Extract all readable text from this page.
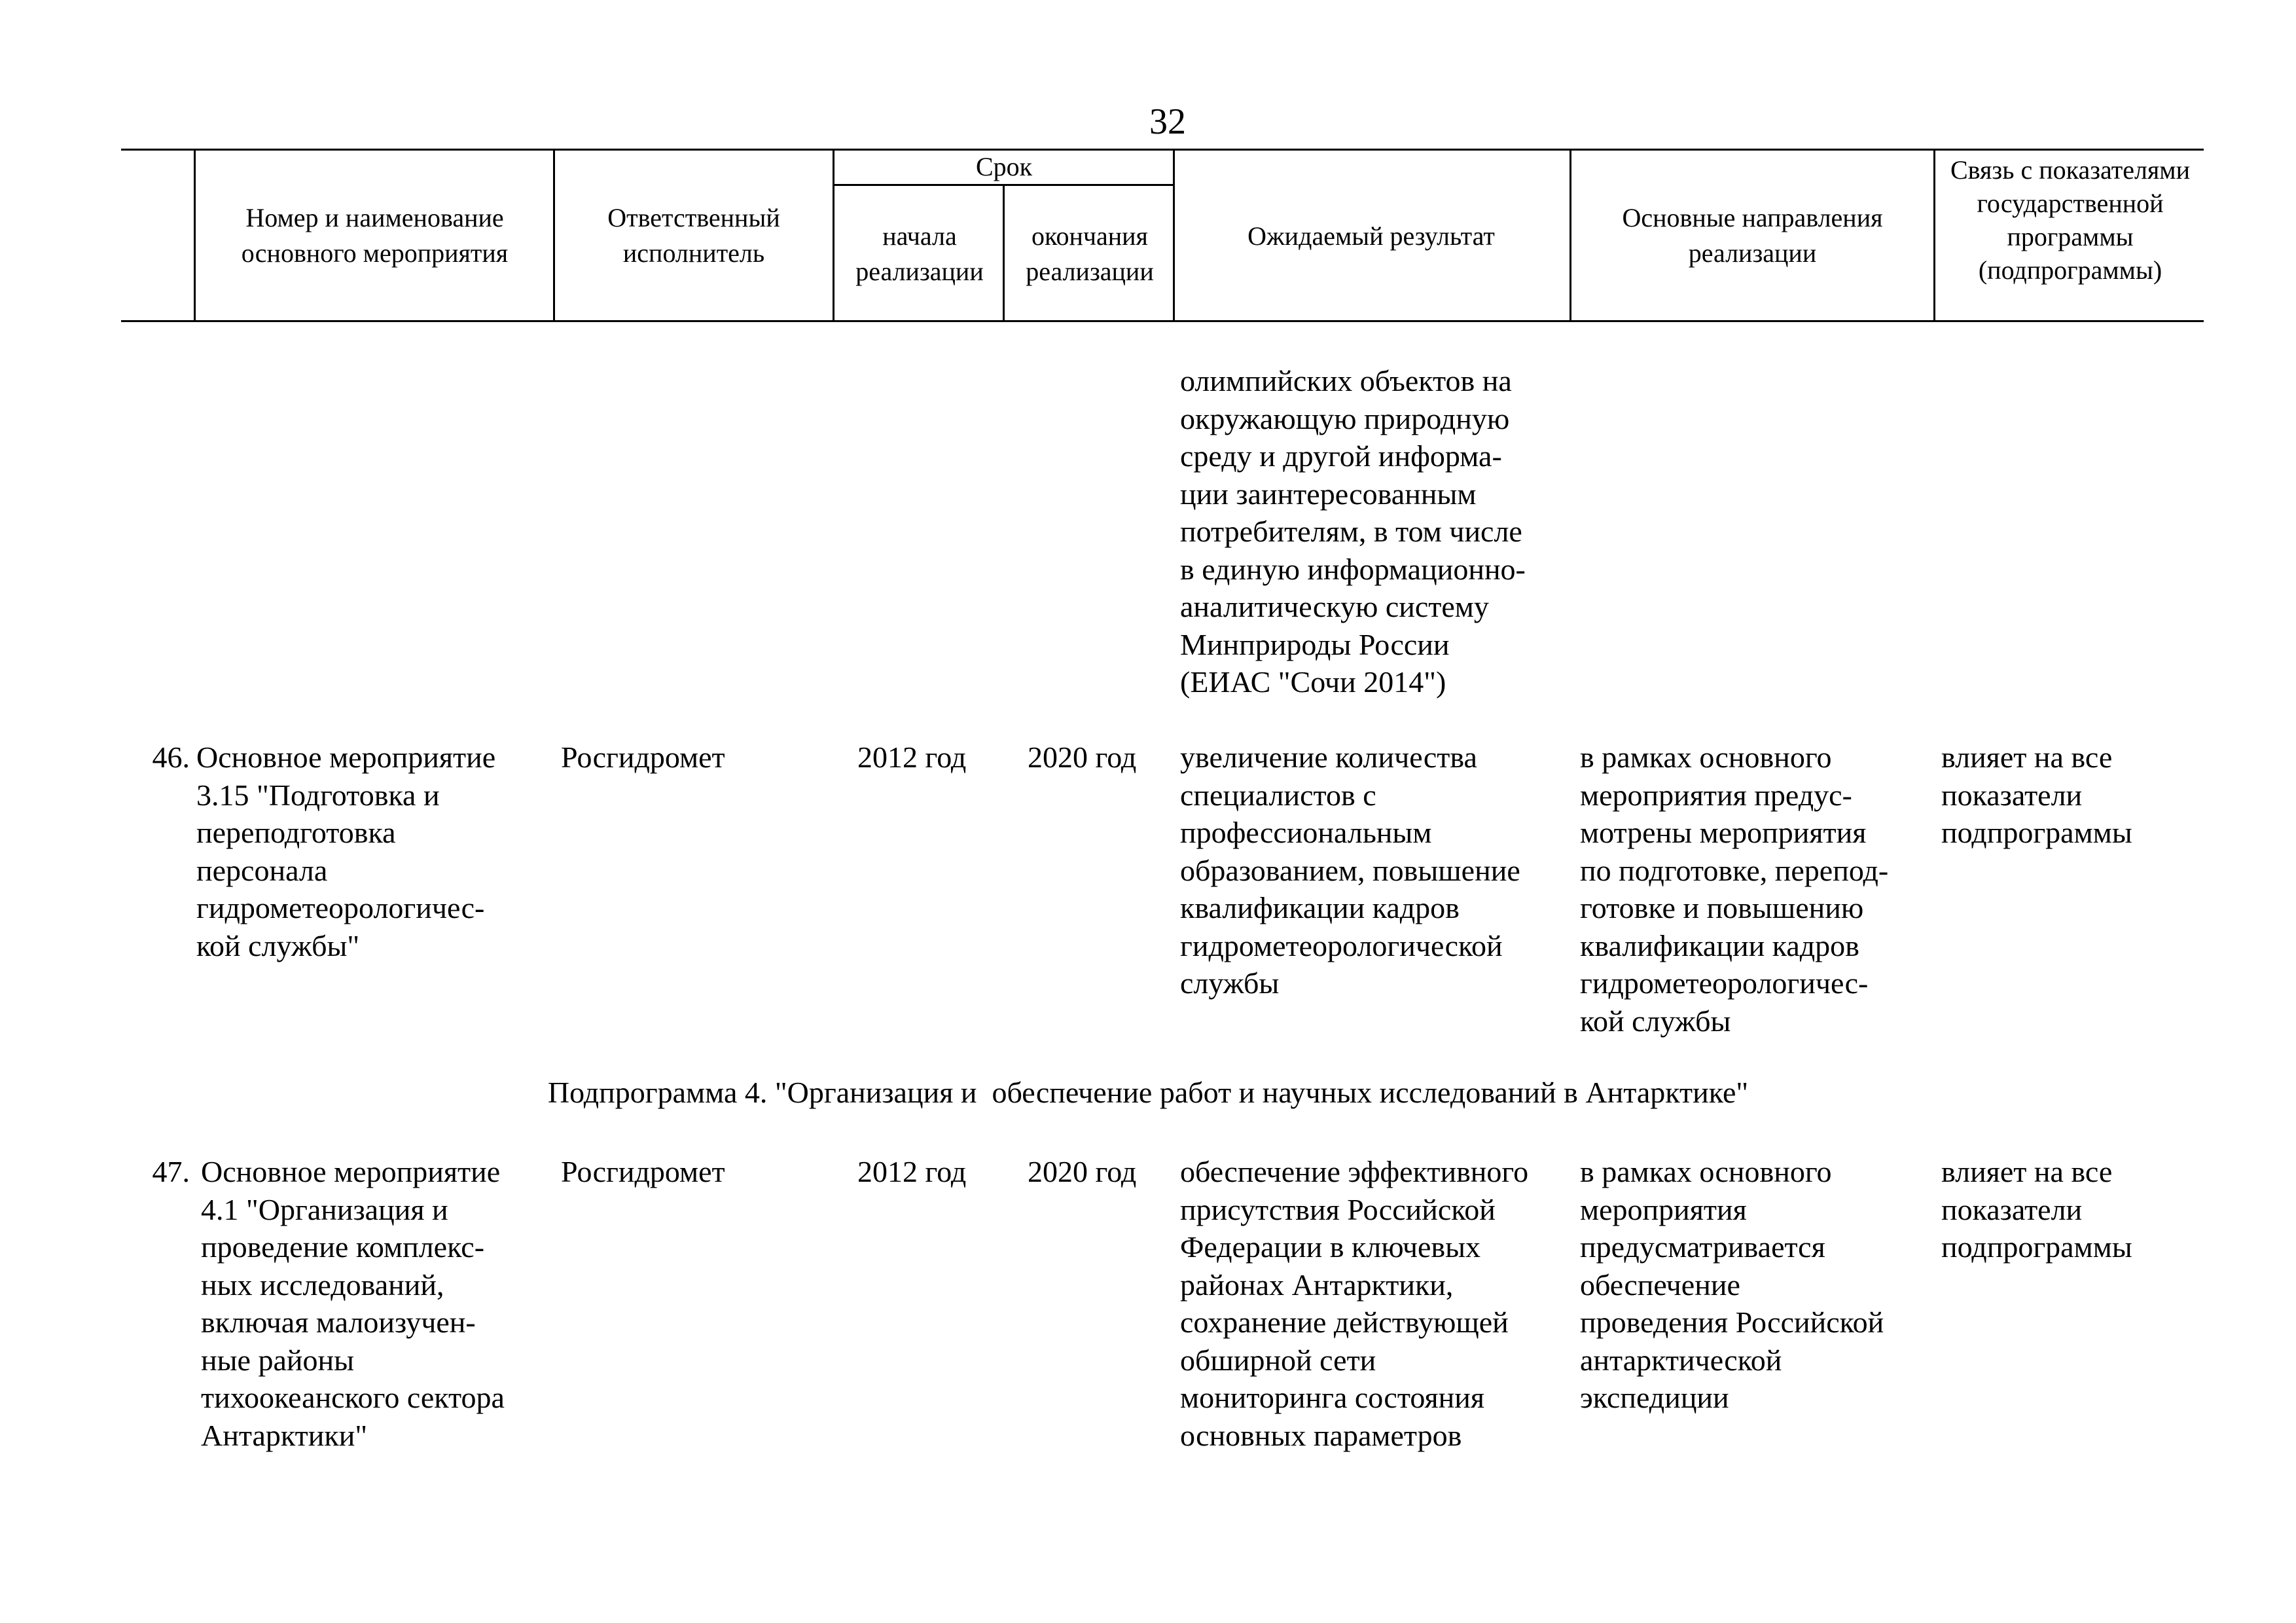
32
Номер и наименование основного мероприятия
Ответственный исполнитель
Срок
начала реализации
окончания реализации
Ожидаемый результат
Основные направления реализации
Связь с показателями государственной программы (подпрограммы)
олимпийских объектов на
окружающую природную
среду и другой информа-
ции заинтересованным
потребителям, в том числе
в единую информационно-
аналитическую систему
Минприроды России
(ЕИАС "Сочи 2014")
46. Основное мероприятие
3.15 "Подготовка и
переподготовка
персонала
гидрометеорологичес-
кой службы"
Росгидромет	2012 год 2020 год увеличение количества
специалистов с
профессиональным
образованием, повышение
квалификации кадров
гидрометеорологической
службы
в рамках основного
мероприятия предус-
мотрены мероприятия
по подготовке, перепод-
готовке и повышению
квалификации кадров
гидрометеорологичес-
кой службы
влияет на все
показатели
подпрограммы
Подпрограмма 4. "Организация и  обеспечение работ и научных исследований в Антарктике"
47. Основное мероприятие
4.1 "Организация и
проведение комплекс-
ных исследований,
включая малоизучен-
ные районы
тихоокеанского сектора
Антарктики"
Росгидромет	2012 год 2020 год обеспечение эффективного
присутствия Российской
Федерации в ключевых
районах Антарктики,
сохранение действующей
обширной сети
мониторинга состояния
основных параметров
в рамках основного
мероприятия
предусматривается
обеспечение
проведения Российской
антарктической
экспедиции
влияет на все
показатели
подпрограммы
